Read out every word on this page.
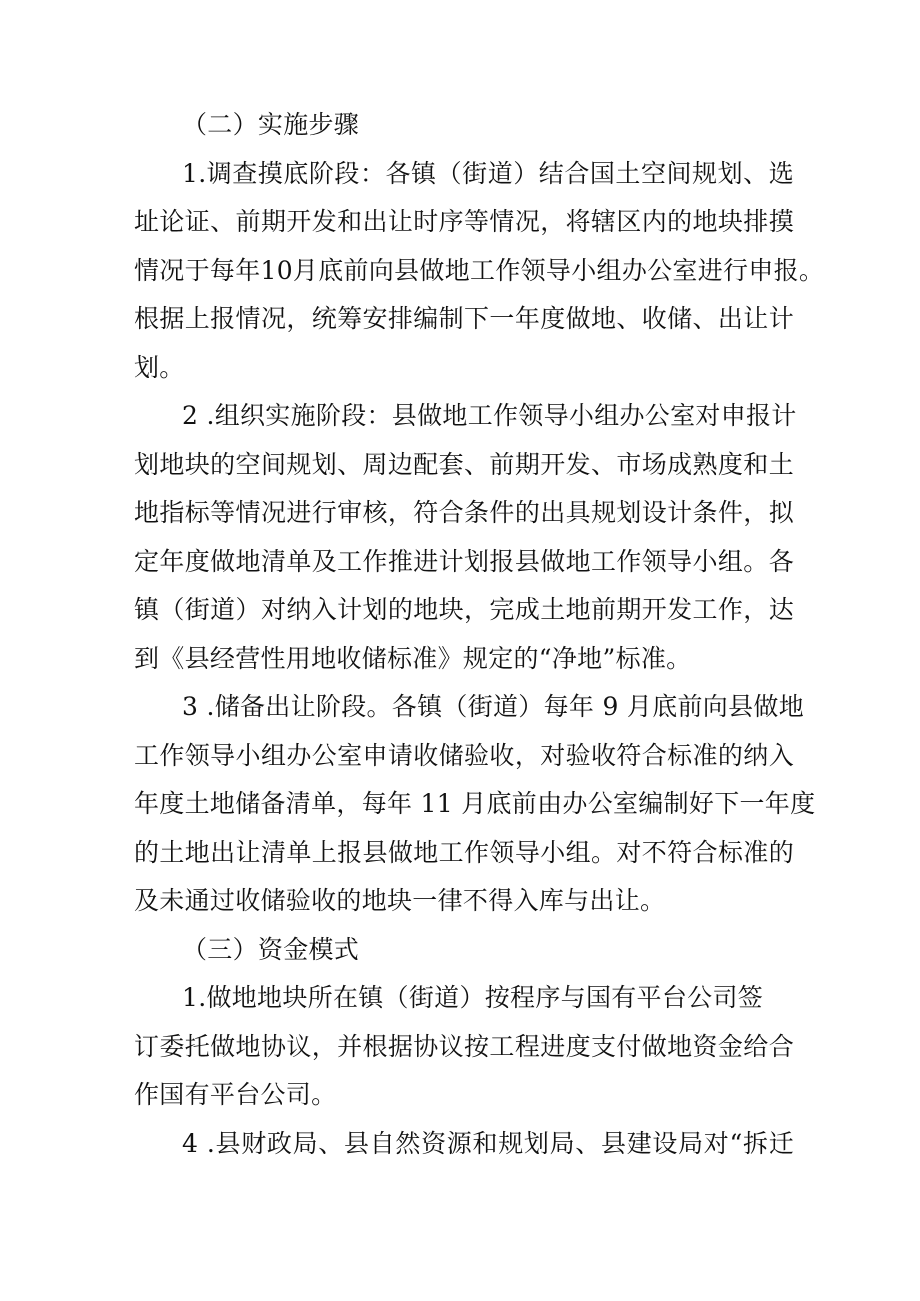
（二）实施步骤
1.调查摸底阶段：各镇（街道）结合国土空间规划、选
址论证、前期开发和出让时序等情况，将辖区内的地块排摸
情况于每年10月底前向县做地工作领导小组办公室进行申报。
根据上报情况，统筹安排编制下一年度做地、收储、出让计
划。
2 .组织实施阶段：县做地工作领导小组办公室对申报计
划地块的空间规划、周边配套、前期开发、市场成熟度和土
地指标等情况进行审核，符合条件的出具规划设计条件，拟
定年度做地清单及工作推进计划报县做地工作领导小组。各
镇（街道）对纳入计划的地块，完成土地前期开发工作，达
到《县经营性用地收储标准》规定的“净地”标准。
3 .储备出让阶段。各镇（街道）每年 9 月底前向县做地
工作领导小组办公室申请收储验收，对验收符合标准的纳入
年度土地储备清单，每年 11 月底前由办公室编制好下一年度
的土地出让清单上报县做地工作领导小组。对不符合标准的
及未通过收储验收的地块一律不得入库与出让。
（三）资金模式
1.做地地块所在镇（街道）按程序与国有平台公司签
订委托做地协议，并根据协议按工程进度支付做地资金给合
作国有平台公司。
4 .县财政局、县自然资源和规划局、县建设局对“拆迁
